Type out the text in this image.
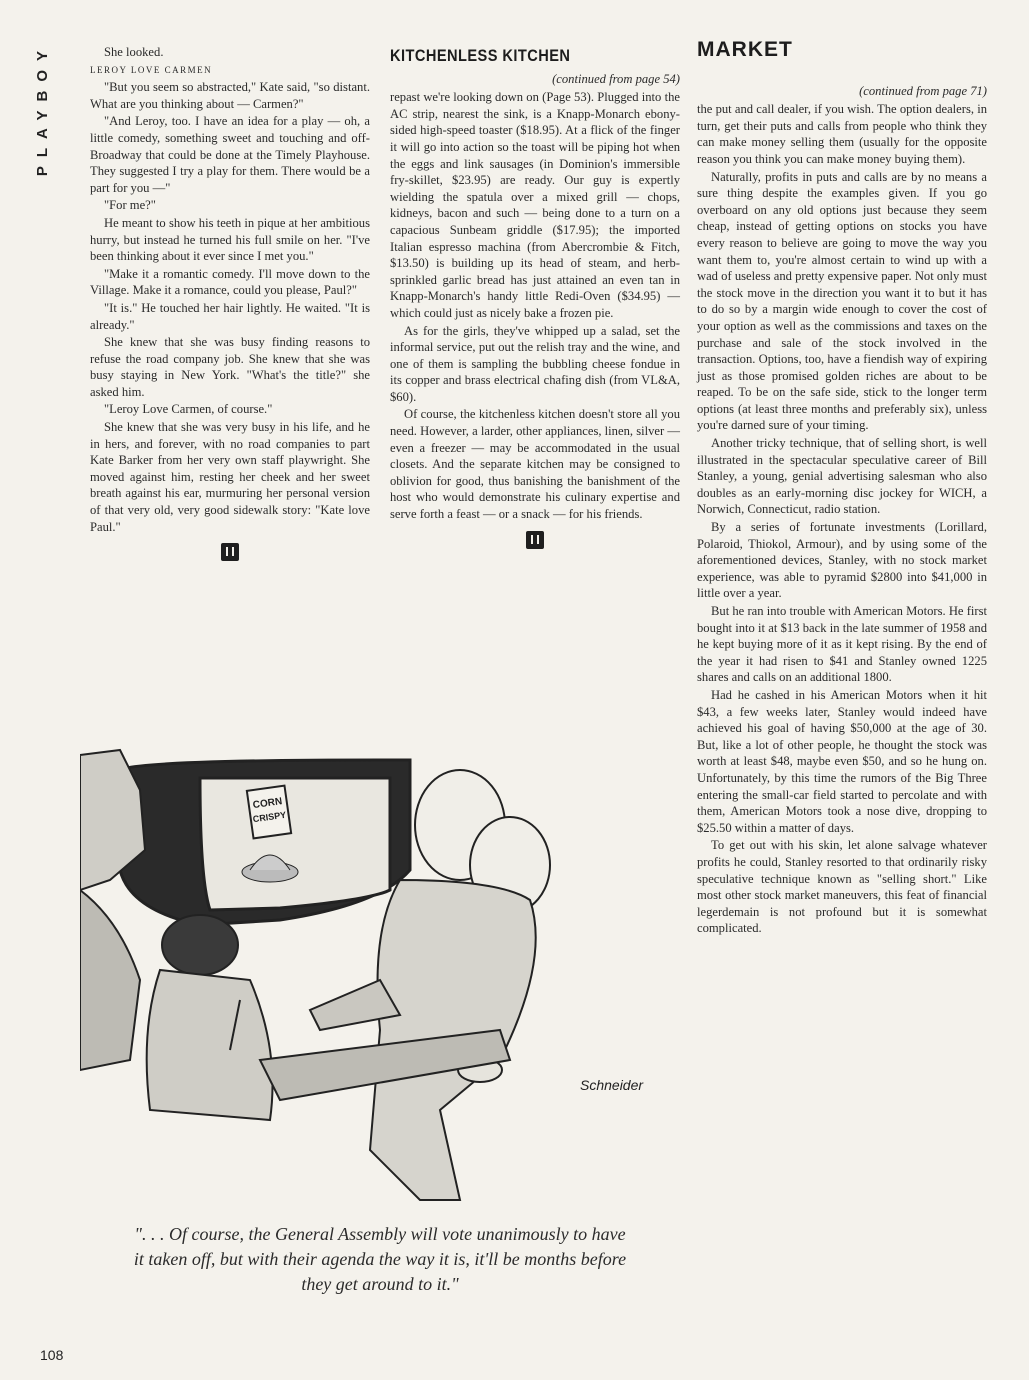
PLAYBOY	She looked.

LEROY LOVE CARMEN

"But you seem so abstracted," Kate said, "so distant. What are you thinking about — Carmen?"

"And Leroy, too. I have an idea for a play — oh, a little comedy, something sweet and touching and off-Broadway that could be done at the Timely Playhouse. They suggested I try a play for them. There would be a part for you —"

"For me?"

He meant to show his teeth in pique at her ambitious hurry, but instead he turned his full smile on her. "I've been thinking about it ever since I met you."

"Make it a romantic comedy. I'll move down to the Village. Make it a romance, could you please, Paul?"

"It is." He touched her hair lightly. He waited. "It is already."

She knew that she was busy finding reasons to refuse the road company job. She knew that she was busy staying in New York. "What's the title?" she asked him.

"Leroy Love Carmen, of course."

She knew that she was very busy in his life, and he in hers, and forever, with no road companies to part Kate Barker from her very own staff playwright. She moved against him, resting her cheek and her sweet breath against his ear, murmuring her personal version of that very old, very good sidewalk story: "Kate love Paul."

KITCHENLESS KITCHEN
(continued from page 54)

repast we're looking down on (Page 53). Plugged into the AC strip, nearest the sink, is a Knapp-Monarch ebony-sided high-speed toaster ($18.95). At a flick of the finger it will go into action so the toast will be piping hot when the eggs and link sausages (in Dominion's immersible fry-skillet, $23.95) are ready. Our guy is expertly wielding the spatula over a mixed grill — chops, kidneys, bacon and such — being done to a turn on a capacious Sunbeam griddle ($17.95); the imported Italian espresso machina (from Abercrombie & Fitch, $13.50) is building up its head of steam, and herb-sprinkled garlic bread has just attained an even tan in Knapp-Monarch's handy little Redi-Oven ($34.95) — which could just as nicely bake a frozen pie.

As for the girls, they've whipped up a salad, set the informal service, put out the relish tray and the wine, and one of them is sampling the bubbling cheese fondue in its copper and brass electrical chafing dish (from VL&A, $60).

Of course, the kitchenless kitchen doesn't store all you need. However, a larder, other appliances, linen, silver — even a freezer — may be accommodated in the usual closets. And the separate kitchen may be consigned to oblivion for good, thus banishing the banishment of the host who would demonstrate his culinary expertise and serve forth a feast — or a snack — for his friends.

MARKET
(continued from page 71)

the put and call dealer, if you wish. The option dealers, in turn, get their puts and calls from people who think they can make money selling them (usually for the opposite reason you think you can make money buying them).

Naturally, profits in puts and calls are by no means a sure thing despite the examples given. If you go overboard on any old options just because they seem cheap, instead of getting options on stocks you have every reason to believe are going to move the way you want them to, you're almost certain to wind up with a wad of useless and pretty expensive paper. Not only must the stock move in the direction you want it to but it has to do so by a margin wide enough to cover the cost of your option as well as the commissions and taxes on the purchase and sale of the stock involved in the transaction. Options, too, have a fiendish way of expiring just as those promised golden riches are about to be reaped. To be on the safe side, stick to the longer term options (at least three months and preferably six), unless you're darned sure of your timing.

Another tricky technique, that of selling short, is well illustrated in the spectacular speculative career of Bill Stanley, a young, genial advertising salesman who also doubles as an early-morning disc jockey for WICH, a Norwich, Connecticut, radio station.

By a series of fortunate investments (Lorillard, Polaroid, Thiokol, Armour), and by using some of the aforementioned devices, Stanley, with no stock market experience, was able to pyramid $2800 into $41,000 in little over a year.

But he ran into trouble with American Motors. He first bought into it at $13 back in the late summer of 1958 and he kept buying more of it as it kept rising. By the end of the year it had risen to $41 and Stanley owned 1225 shares and calls on an additional 1800.

Had he cashed in his American Motors when it hit $43, a few weeks later, Stanley would indeed have achieved his goal of having $50,000 at the age of 30. But, like a lot of other people, he thought the stock was worth at least $48, maybe even $50, and so he hung on. Unfortunately, by this time the rumors of the Big Three entering the small-car field started to percolate and with them, American Motors took a nose dive, dropping to $25.50 within a matter of days.

To get out with his skin, let alone salvage whatever profits he could, Stanley resorted to that ordinarily risky speculative technique known as "selling short." Like most other stock market maneuvers, this feat of financial legerdemain is not profound but it is somewhat complicated.

CORN
CRISPY
Schneider
". . . Of course, the General Assembly will vote unanimously to have it taken off, but with their agenda the way it is, it'll be months before they get around to it."
108
